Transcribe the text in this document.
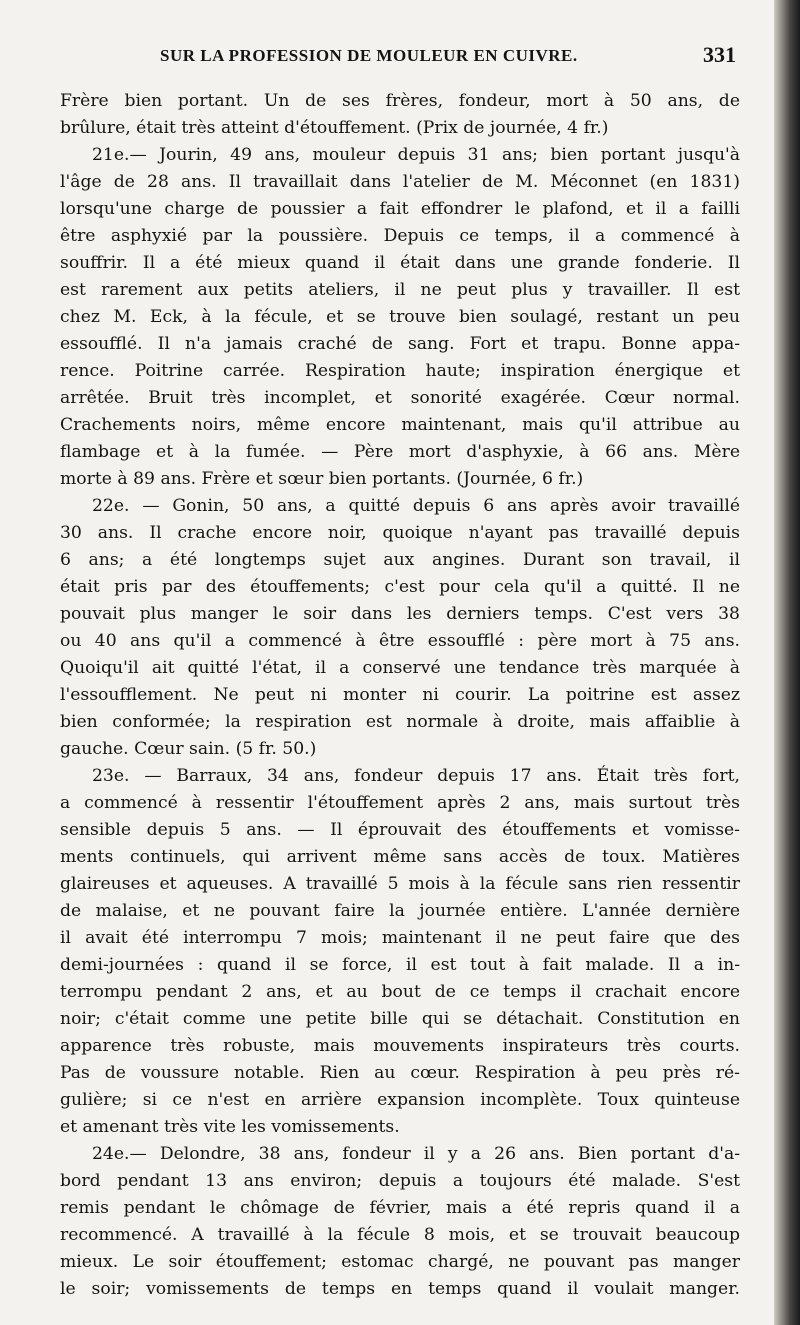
SUR LA PROFESSION DE MOULEUR EN CUIVRE.	331
Frère bien portant. Un de ses frères, fondeur, mort à 50 ans, de
brûlure, était très atteint d'étouffement. (Prix de journée, 4 fr.)
21e.— Jourin, 49 ans, mouleur depuis 31 ans; bien portant jusqu'à
l'âge de 28 ans. Il travaillait dans l'atelier de M. Méconnet (en 1831)
lorsqu'une charge de poussier a fait effondrer le plafond, et il a failli
être asphyxié par la poussière. Depuis ce temps, il a commencé à
souffrir. Il a été mieux quand il était dans une grande fonderie. Il
est rarement aux petits ateliers, il ne peut plus y travailler. Il est
chez M. Eck, à la fécule, et se trouve bien soulagé, restant un peu
essoufflé. Il n'a jamais craché de sang. Fort et trapu. Bonne appa-
rence. Poitrine carrée. Respiration haute; inspiration énergique et
arrêtée. Bruit très incomplet, et sonorité exagérée. Cœur normal.
Crachements noirs, même encore maintenant, mais qu'il attribue au
flambage et à la fumée. — Père mort d'asphyxie, à 66 ans. Mère
morte à 89 ans. Frère et sœur bien portants. (Journée, 6 fr.)
22e. — Gonin, 50 ans, a quitté depuis 6 ans après avoir travaillé
30 ans. Il crache encore noir, quoique n'ayant pas travaillé depuis
6 ans; a été longtemps sujet aux angines. Durant son travail, il
était pris par des étouffements; c'est pour cela qu'il a quitté. Il ne
pouvait plus manger le soir dans les derniers temps. C'est vers 38
ou 40 ans qu'il a commencé à être essoufflé : père mort à 75 ans.
Quoiqu'il ait quitté l'état, il a conservé une tendance très marquée à
l'essoufflement. Ne peut ni monter ni courir. La poitrine est assez
bien conformée; la respiration est normale à droite, mais affaiblie à
gauche. Cœur sain. (5 fr. 50.)
23e. — Barraux, 34 ans, fondeur depuis 17 ans. Était très fort,
a commencé à ressentir l'étouffement après 2 ans, mais surtout très
sensible depuis 5 ans. — Il éprouvait des étouffements et vomisse-
ments continuels, qui arrivent même sans accès de toux. Matières
glaireuses et aqueuses. A travaillé 5 mois à la fécule sans rien ressentir
de malaise, et ne pouvant faire la journée entière. L'année dernière
il avait été interrompu 7 mois; maintenant il ne peut faire que des
demi-journées : quand il se force, il est tout à fait malade. Il a in-
terrompu pendant 2 ans, et au bout de ce temps il crachait encore
noir; c'était comme une petite bille qui se détachait. Constitution en
apparence très robuste, mais mouvements inspirateurs très courts.
Pas de voussure notable. Rien au cœur. Respiration à peu près ré-
gulière; si ce n'est en arrière expansion incomplète. Toux quinteuse
et amenant très vite les vomissements.
24e.— Delondre, 38 ans, fondeur il y a 26 ans. Bien portant d'a-
bord pendant 13 ans environ; depuis a toujours été malade. S'est
remis pendant le chômage de février, mais a été repris quand il a
recommencé. A travaillé à la fécule 8 mois, et se trouvait beaucoup
mieux. Le soir étouffement; estomac chargé, ne pouvant pas manger
le soir; vomissements de temps en temps quand il voulait manger.
